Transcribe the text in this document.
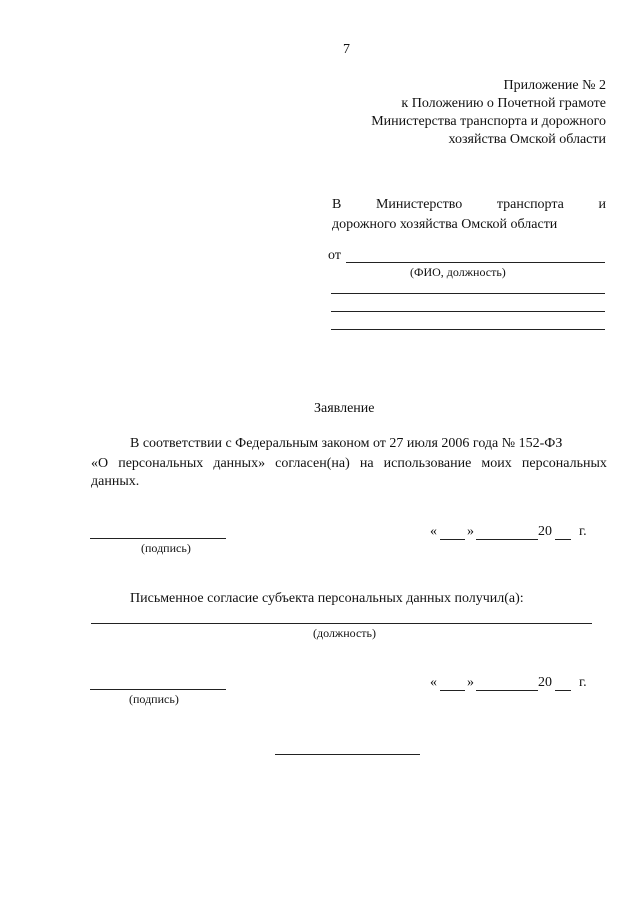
7
Приложение № 2
к Положению о Почетной грамоте
Министерства транспорта и дорожного
хозяйства Омской области
В Министерство транспорта и
дорожного хозяйства Омской области
от
(ФИО, должность)
Заявление
В соответствии с Федеральным законом от 27 июля 2006 года № 152-ФЗ
«О персональных данных» согласен(на) на использование моих персональных
данных.
(подпись)
« »	20 г.
Письменное согласие субъекта персональных данных получил(а):
(должность)
(подпись)
« »	20 г.
